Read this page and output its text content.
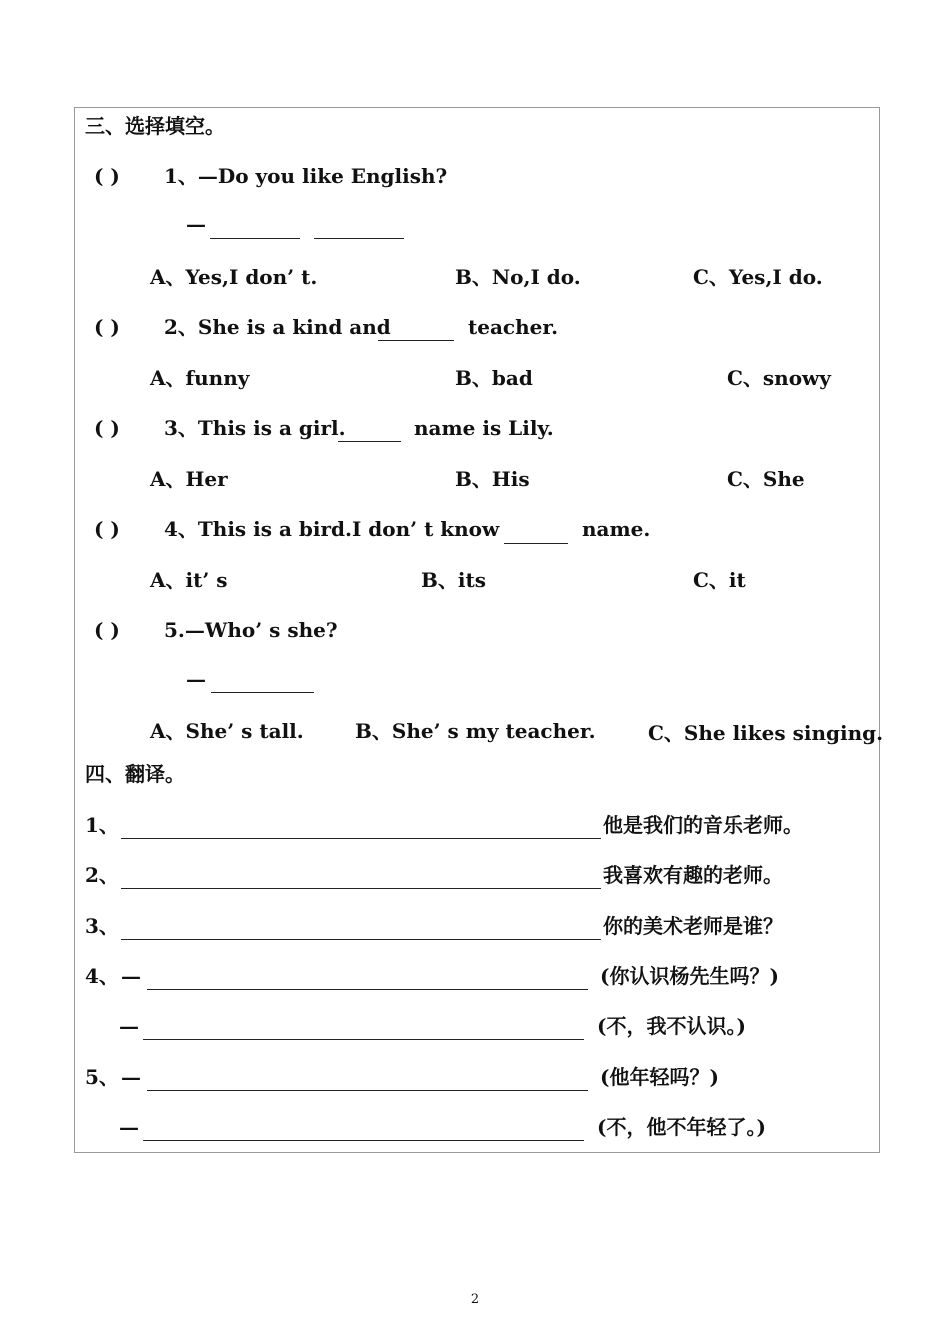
三、选择填空。
( ) 1、—Do you like English?
—
A、Yes,I don’ t.	B、No,I do.	C、Yes,I do.
( ) 2、She is a kind and	teacher.
A、funny	B、bad	C、snowy
( ) 3、This is a girl.	name is Lily.
A、Her	B、His	C、She
( ) 4、This is a bird.I don’ t know	name.
A、it’ s	B、its	C、it
( ) 5.—Who’ s she?
—
A、She’ s tall.	B、She’ s my teacher.	C、She likes singing.
四、翻译。
1、	他是我们的音乐老师。
2、	我喜欢有趣的老师。
3、	你的美术老师是谁？
4、 —	(你认识杨先生吗？)
—	(不，我不认识。)
5、 —	(他年轻吗？)
—	(不，他不年轻了。)
2
